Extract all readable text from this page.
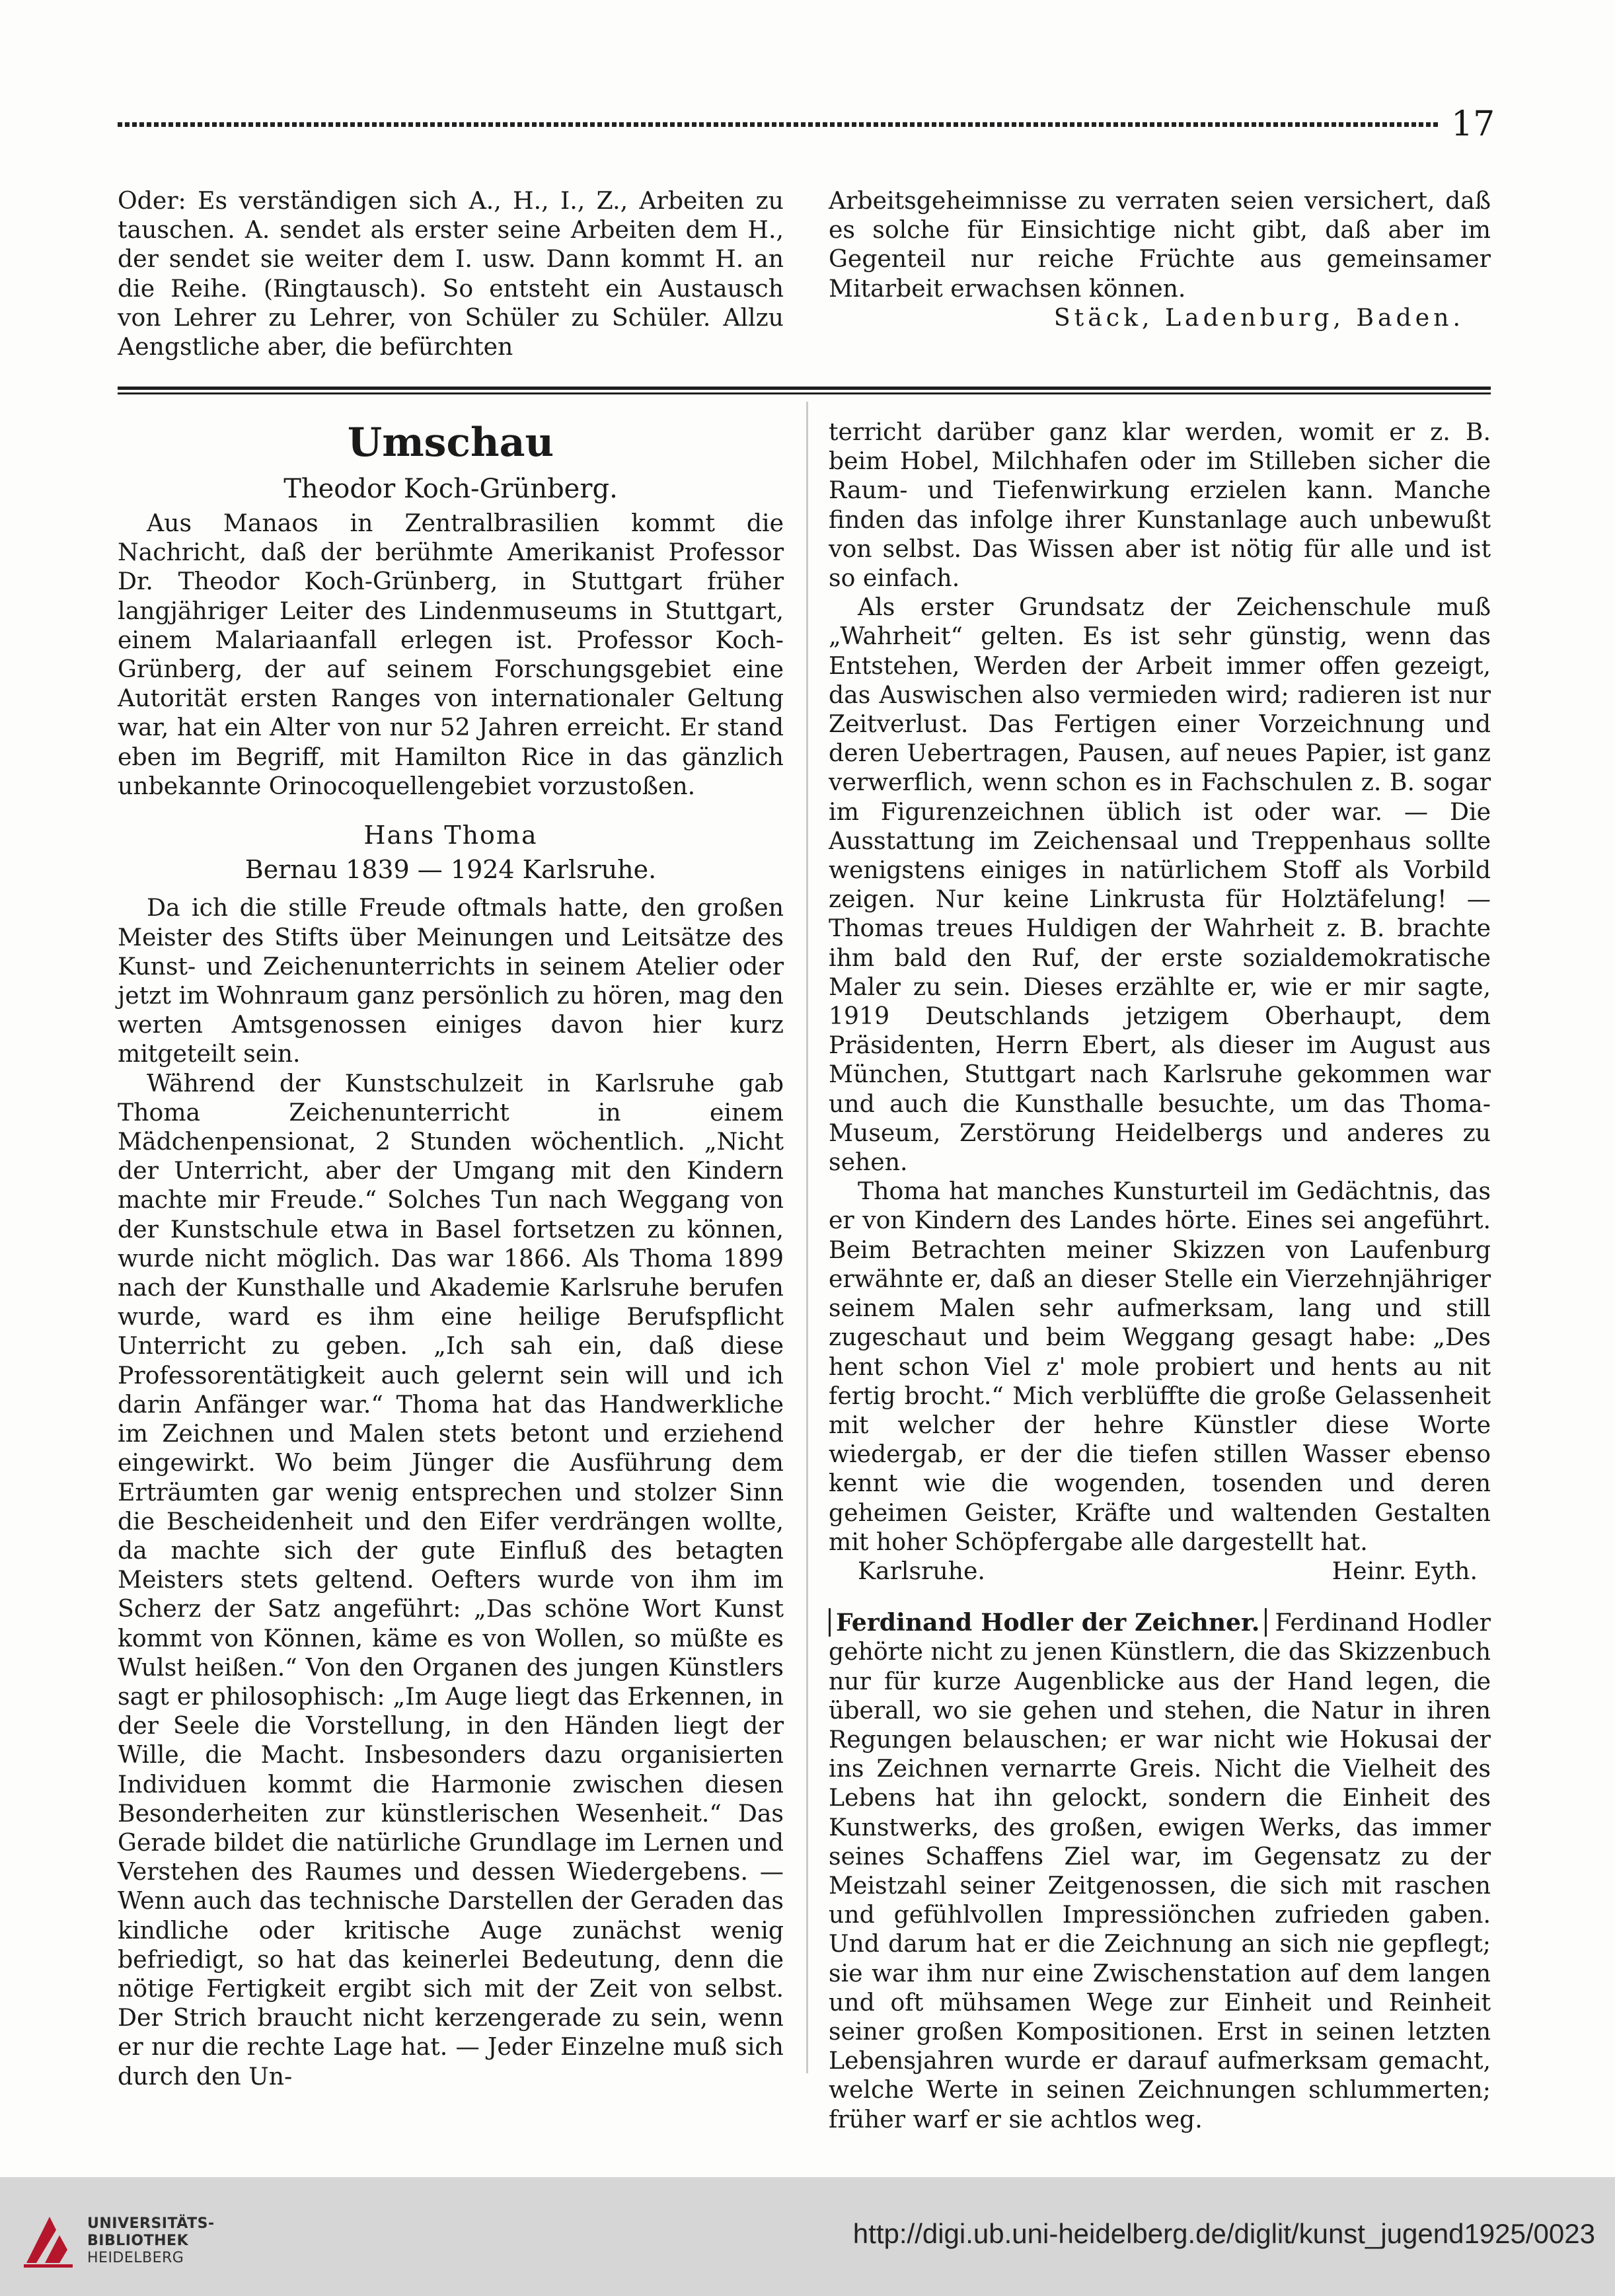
17

Oder: Es verständigen sich A., H., I., Z., Arbeiten zu tauschen. A. sendet als erster seine Arbeiten dem H., der sendet sie weiter dem I. usw. Dann kommt H. an die Reihe. (Ringtausch). So entsteht ein Austausch von Lehrer zu Lehrer, von Schüler zu Schüler. Allzu Aengstliche aber, die befürchten

Arbeitsgeheimnisse zu verraten seien versichert, daß es solche für Einsichtige nicht gibt, daß aber im Gegenteil nur reiche Früchte aus gemeinsamer Mitarbeit erwachsen können.

Stäck, Ladenburg, Baden.
Umschau
Theodor Koch-Grünberg.

Aus Manaos in Zentralbrasilien kommt die Nachricht, daß der berühmte Amerikanist Professor Dr. Theodor Koch-Grünberg, in Stuttgart früher langjähriger Leiter des Lindenmuseums in Stuttgart, einem Malariaanfall erlegen ist. Professor Koch-Grünberg, der auf seinem Forschungsgebiet eine Autorität ersten Ranges von internationaler Geltung war, hat ein Alter von nur 52 Jahren erreicht. Er stand eben im Begriff, mit Hamilton Rice in das gänzlich unbekannte Orinocoquellengebiet vorzustoßen.

Hans Thoma
Bernau 1839 — 1924 Karlsruhe.

Da ich die stille Freude oftmals hatte, den großen Meister des Stifts über Meinungen und Leitsätze des Kunst- und Zeichenunterrichts in seinem Atelier oder jetzt im Wohnraum ganz persönlich zu hören, mag den werten Amtsgenossen einiges davon hier kurz mitgeteilt sein.

Während der Kunstschulzeit in Karlsruhe gab Thoma Zeichenunterricht in einem Mädchenpensionat, 2 Stunden wöchentlich. „Nicht der Unterricht, aber der Umgang mit den Kindern machte mir Freude.“ Solches Tun nach Weggang von der Kunstschule etwa in Basel fortsetzen zu können, wurde nicht möglich. Das war 1866. Als Thoma 1899 nach der Kunsthalle und Akademie Karlsruhe berufen wurde, ward es ihm eine heilige Berufspflicht Unterricht zu geben. „Ich sah ein, daß diese Professorentätigkeit auch gelernt sein will und ich darin Anfänger war.“ Thoma hat das Handwerkliche im Zeichnen und Malen stets betont und erziehend eingewirkt. Wo beim Jünger die Ausführung dem Erträumten gar wenig entsprechen und stolzer Sinn die Bescheidenheit und den Eifer verdrängen wollte, da machte sich der gute Einfluß des betagten Meisters stets geltend. Oefters wurde von ihm im Scherz der Satz angeführt: „Das schöne Wort Kunst kommt von Können, käme es von Wollen, so müßte es Wulst heißen.“ Von den Organen des jungen Künstlers sagt er philosophisch: „Im Auge liegt das Erkennen, in der Seele die Vorstellung, in den Händen liegt der Wille, die Macht. Insbesonders dazu organisierten Individuen kommt die Harmonie zwischen diesen Besonderheiten zur künstlerischen Wesenheit.“ Das Gerade bildet die natürliche Grundlage im Lernen und Verstehen des Raumes und dessen Wiedergebens. — Wenn auch das technische Darstellen der Geraden das kindliche oder kritische Auge zunächst wenig befriedigt, so hat das keinerlei Bedeutung, denn die nötige Fertigkeit ergibt sich mit der Zeit von selbst. Der Strich braucht nicht kerzengerade zu sein, wenn er nur die rechte Lage hat. — Jeder Einzelne muß sich durch den Un-

terricht darüber ganz klar werden, womit er z. B. beim Hobel, Milchhafen oder im Stilleben sicher die Raum- und Tiefenwirkung erzielen kann. Manche finden das infolge ihrer Kunstanlage auch unbewußt von selbst. Das Wissen aber ist nötig für alle und ist so einfach.

Als erster Grundsatz der Zeichenschule muß „Wahrheit“ gelten. Es ist sehr günstig, wenn das Entstehen, Werden der Arbeit immer offen gezeigt, das Auswischen also vermieden wird; radieren ist nur Zeitverlust. Das Fertigen einer Vorzeichnung und deren Uebertragen, Pausen, auf neues Papier, ist ganz verwerflich, wenn schon es in Fachschulen z. B. sogar im Figurenzeichnen üblich ist oder war. — Die Ausstattung im Zeichensaal und Treppenhaus sollte wenigstens einiges in natürlichem Stoff als Vorbild zeigen. Nur keine Linkrusta für Holztäfelung! — Thomas treues Huldigen der Wahrheit z. B. brachte ihm bald den Ruf, der erste sozialdemokratische Maler zu sein. Dieses erzählte er, wie er mir sagte, 1919 Deutschlands jetzigem Oberhaupt, dem Präsidenten, Herrn Ebert, als dieser im August aus München, Stuttgart nach Karlsruhe gekommen war und auch die Kunsthalle besuchte, um das Thoma-Museum, Zerstörung Heidelbergs und anderes zu sehen.

Thoma hat manches Kunsturteil im Gedächtnis, das er von Kindern des Landes hörte. Eines sei angeführt. Beim Betrachten meiner Skizzen von Laufenburg erwähnte er, daß an dieser Stelle ein Vierzehnjähriger seinem Malen sehr aufmerksam, lang und still zugeschaut und beim Weggang gesagt habe: „Des hent schon Viel z' mole probiert und hents au nit fertig brocht.“ Mich verblüffte die große Gelassenheit mit welcher der hehre Künstler diese Worte wiedergab, er der die tiefen stillen Wasser ebenso kennt wie die wogenden, tosenden und deren geheimen Geister, Kräfte und waltenden Gestalten mit hoher Schöpfergabe alle dargestellt hat.

Karlsruhe.	Heinr. Eyth.

Ferdinand Hodler der Zeichner. Ferdinand Hodler gehörte nicht zu jenen Künstlern, die das Skizzenbuch nur für kurze Augenblicke aus der Hand legen, die überall, wo sie gehen und stehen, die Natur in ihren Regungen belauschen; er war nicht wie Hokusai der ins Zeichnen vernarrte Greis. Nicht die Vielheit des Lebens hat ihn gelockt, sondern die Einheit des Kunstwerks, des großen, ewigen Werks, das immer seines Schaffens Ziel war, im Gegensatz zu der Meistzahl seiner Zeitgenossen, die sich mit raschen und gefühlvollen Impressiönchen zufrieden gaben. Und darum hat er die Zeichnung an sich nie gepflegt; sie war ihm nur eine Zwischenstation auf dem langen und oft mühsamen Wege zur Einheit und Reinheit seiner großen Kompositionen. Erst in seinen letzten Lebensjahren wurde er darauf aufmerksam gemacht, welche Werte in seinen Zeichnungen schlummerten; früher warf er sie achtlos weg.

UNIVERSITÄTS-
BIBLIOTHEK
HEIDELBERG
http://digi.ub.uni-heidelberg.de/diglit/kunst_jugend1925/0023
